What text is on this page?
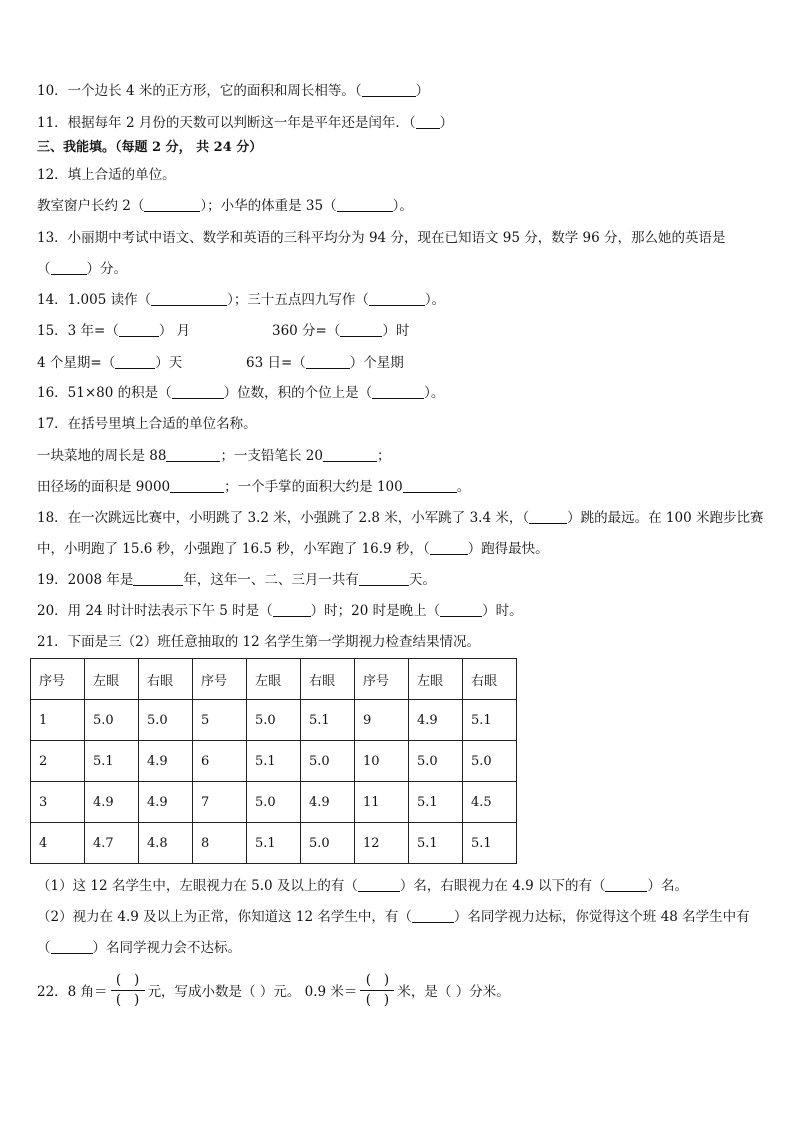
10．一个边长 4 米的正方形，它的面积和周长相等。（	）
11．根据每年 2 月份的天数可以判断这一年是平年还是闰年．（ ）
三、我能填。（每题 2 分， 共 24 分）
12．填上合适的单位。
教室窗户长约 2（	）；小华的体重是 35（	）。
13．小丽期中考试中语文、数学和英语的三科平均分为 94 分，现在已知语文 95 分，数学 96 分，那么她的英语是
（	）分。
14．1.005 读作（	）；三十五点四九写作（	）。
15．3 年=（	） 月	360 分=（	）时
4 个星期=（	）天	63 日=（	）个星期
16．51×80 的积是（	）位数，积的个位上是（	）。
17．在括号里填上合适的单位名称。
一块菜地的周长是 88	；一支铅笔长 20	；
田径场的面积是 9000	；一个手掌的面积大约是 100	。
18．在一次跳远比赛中，小明跳了 3.2 米，小强跳了 2.8 米，小军跳了 3.4 米，（	）跳的最远。在 100 米跑步比赛
中，小明跑了 15.6 秒，小强跑了 16.5 秒，小军跑了 16.9 秒，（	）跑得最快。
19．2008 年是	年，这年一、二、三月一共有	天。
20．用 24 时计时法表示下午 5 时是（	）时；20 时是晚上（	）时。
21．下面是三（2）班任意抽取的 12 名学生第一学期视力检查结果情况。
序号	左眼	右眼	序号	左眼	右眼	序号	左眼	右眼
1	5.0	5.0	5	5.0	5.1	9	4.9	5.1
2	5.1	4.9	6	5.1	5.0	10	5.0	5.0
3	4.9	4.9	7	5.0	4.9	11	5.1	4.5
4	4.7	4.8	8	5.1	5.0	12	5.1	5.1
（1）这 12 名学生中，左眼视力在 5.0 及以上的有（	）名，右眼视力在 4.9 以下的有（	）名。
（2）视力在 4.9 及以上为正常，你知道这 12 名学生中，有（	）名同学视力达标，你觉得这个班 48 名学生中有
（	）名同学视力会不达标。
22．8 角＝ $\frac{( )}{( )}$ 元，写成小数是（ ）元。 0.9 米＝ $\frac{( )}{( )}$ 米，是（ ）分米。
